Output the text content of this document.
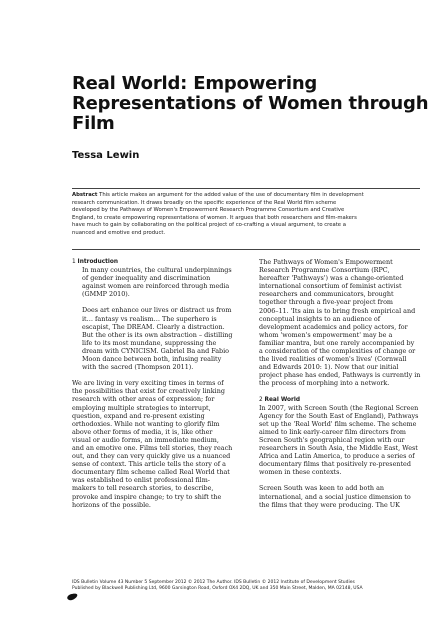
Real World: Empowering
Representations of Women through
Film
Tessa Lewin

Abstract This article makes an argument for the added value of the use of documentary film in development
research communication. It draws broadly on the specific experience of the Real World film scheme
developed by the Pathways of Women's Empowerment Research Programme Consortium and Creative
England, to create empowering representations of women. It argues that both researchers and film-makers
have much to gain by collaborating on the political project of co-crafting a visual argument, to create a
nuanced and emotive end product.

1 Introduction
In many countries, the cultural underpinnings
of gender inequality and discrimination
against women are reinforced through media
(GMMP 2010).
Does art enhance our lives or distract us from
it… fantasy vs realism… The superhero is
escapist, The DREAM. Clearly a distraction.
But the other is its own abstraction – distilling
life to its most mundane, suppressing the
dream with CYNICISM. Gabriel Ba and Fabio
Moon dance between both, infusing reality
with the sacred (Thompson 2011).
We are living in very exciting times in terms of
the possibilities that exist for creatively linking
research with other areas of expression; for
employing multiple strategies to interrupt,
question, expand and re-present existing
orthodoxies. While not wanting to glorify film
above other forms of media, it is, like other
visual or audio forms, an immediate medium,
and an emotive one. Films tell stories, they reach
out, and they can very quickly give us a nuanced
sense of context. This article tells the story of a
documentary film scheme called Real World that
was established to enlist professional film-
makers to tell research stories, to describe,
provoke and inspire change; to try to shift the
horizons of the possible.
The Pathways of Women's Empowerment
Research Programme Consortium (RPC,
hereafter 'Pathways') was a change-oriented
international consortium of feminist activist
researchers and communicators, brought
together through a five-year project from
2006–11. 'Its aim is to bring fresh empirical and
conceptual insights to an audience of
development academics and policy actors, for
whom 'women's empowerment' may be a
familiar mantra, but one rarely accompanied by
a consideration of the complexities of change or
the lived realities of women's lives' (Cornwall
and Edwards 2010: 1). Now that our initial
project phase has ended, Pathways is currently in
the process of morphing into a network.
2 Real World
In 2007, with Screen South (the Regional Screen
Agency for the South East of England), Pathways
set up the 'Real World' film scheme. The scheme
aimed to link early-career film directors from
Screen South's geographical region with our
researchers in South Asia, the Middle East, West
Africa and Latin America, to produce a series of
documentary films that positively re-presented
women in these contexts.
Screen South was keen to add both an
international, and a social justice dimension to
the films that they were producing. The UK
IDS Bulletin Volume 43 Number 5 September 2012 © 2012 The Author. IDS Bulletin © 2012 Institute of Development Studies
Published by Blackwell Publishing Ltd, 9600 Garsington Road, Oxford OX4 2DQ, UK and 350 Main Street, Malden, MA 02148, USA
